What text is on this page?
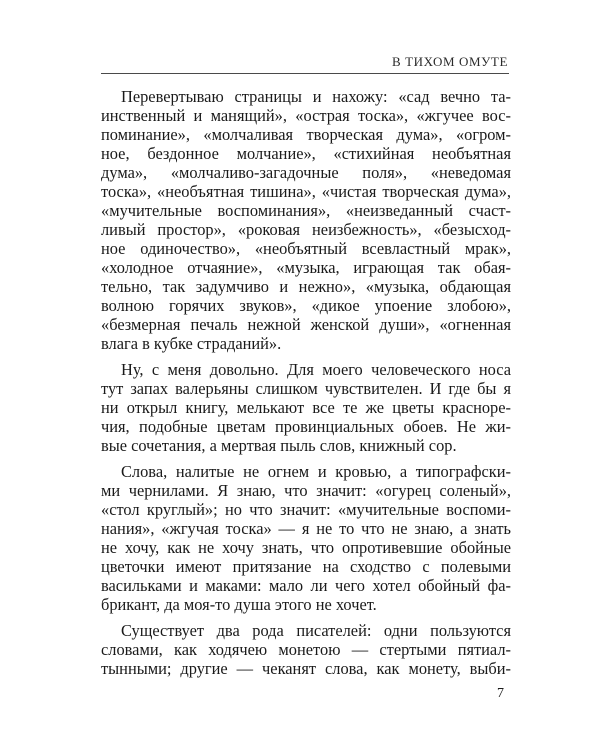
В ТИХОМ ОМУТЕ
Перевертываю страницы и нахожу: «сад вечно та-
инственный и манящий», «острая тоска», «жгучее вос-
поминание», «молчаливая творческая дума», «огром-
ное, бездонное молчание», «стихийная необъятная
дума», «молчаливо-загадочные поля», «неведомая
тоска», «необъятная тишина», «чистая творческая дума»,
«мучительные воспоминания», «неизведанный счаст-
ливый простор», «роковая неизбежность», «безысход-
ное одиночество», «необъятный всевластный мрак»,
«холодное отчаяние», «музыка, играющая так обая-
тельно, так задумчиво и нежно», «музыка, обдающая
волною горячих звуков», «дикое упоение злобою»,
«безмерная печаль нежной женской души», «огненная
влага в кубке страданий».
Ну, с меня довольно. Для моего человеческого носа
тут запах валерьяны слишком чувствителен. И где бы я
ни открыл книгу, мелькают все те же цветы красноре-
чия, подобные цветам провинциальных обоев. Не жи-
вые сочетания, а мертвая пыль слов, книжный сор.
Слова, налитые не огнем и кровью, а типографски-
ми чернилами. Я знаю, что значит: «огурец соленый»,
«стол круглый»; но что значит: «мучительные воспоми-
нания», «жгучая тоска» — я не то что не знаю, а знать
не хочу, как не хочу знать, что опротивевшие обойные
цветочки имеют притязание на сходство с полевыми
васильками и маками: мало ли чего хотел обойный фа-
брикант, да моя-то душа этого не хочет.
Существует два рода писателей: одни пользуются
словами, как ходячею монетою — стертыми пятиал-
тынными; другие — чеканят слова, как монету, выби-
7
